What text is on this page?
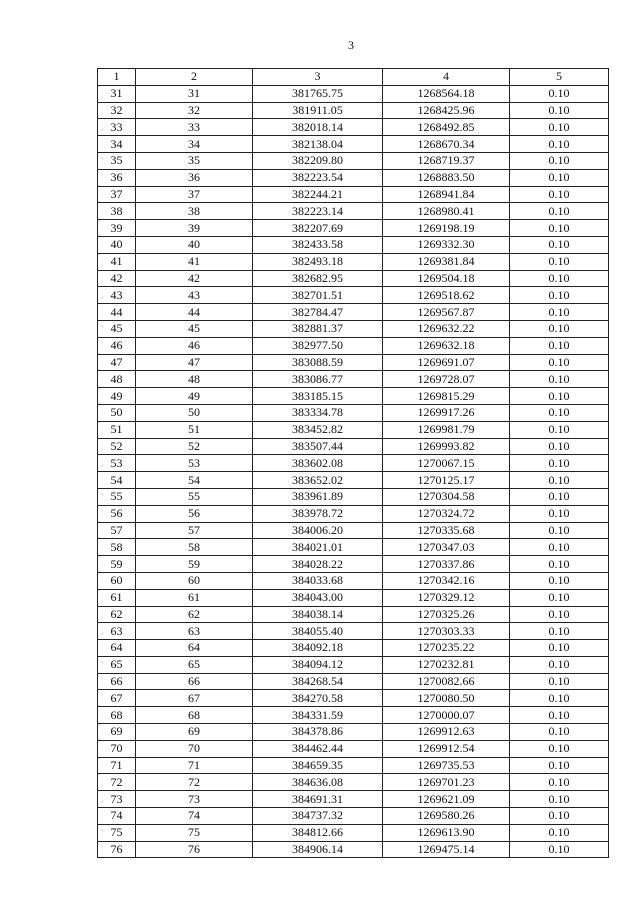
3
1	2	3	4	5
31	31	381765.75	1268564.18	0.10
32	32	381911.05	1268425.96	0.10
33	33	382018.14	1268492.85	0.10
34	34	382138.04	1268670.34	0.10
35	35	382209.80	1268719.37	0.10
36	36	382223.54	1268883.50	0.10
37	37	382244.21	1268941.84	0.10
38	38	382223.14	1268980.41	0.10
39	39	382207.69	1269198.19	0.10
40	40	382433.58	1269332.30	0.10
41	41	382493.18	1269381.84	0.10
42	42	382682.95	1269504.18	0.10
43	43	382701.51	1269518.62	0.10
44	44	382784.47	1269567.87	0.10
45	45	382881.37	1269632.22	0.10
46	46	382977.50	1269632.18	0.10
47	47	383088.59	1269691.07	0.10
48	48	383086.77	1269728.07	0.10
49	49	383185.15	1269815.29	0.10
50	50	383334.78	1269917.26	0.10
51	51	383452.82	1269981.79	0.10
52	52	383507.44	1269993.82	0.10
53	53	383602.08	1270067.15	0.10
54	54	383652.02	1270125.17	0.10
55	55	383961.89	1270304.58	0.10
56	56	383978.72	1270324.72	0.10
57	57	384006.20	1270335.68	0.10
58	58	384021.01	1270347.03	0.10
59	59	384028.22	1270337.86	0.10
60	60	384033.68	1270342.16	0.10
61	61	384043.00	1270329.12	0.10
62	62	384038.14	1270325.26	0.10
63	63	384055.40	1270303.33	0.10
64	64	384092.18	1270235.22	0.10
65	65	384094.12	1270232.81	0.10
66	66	384268.54	1270082.66	0.10
67	67	384270.58	1270080.50	0.10
68	68	384331.59	1270000.07	0.10
69	69	384378.86	1269912.63	0.10
70	70	384462.44	1269912.54	0.10
71	71	384659.35	1269735.53	0.10
72	72	384636.08	1269701.23	0.10
73	73	384691.31	1269621.09	0.10
74	74	384737.32	1269580.26	0.10
75	75	384812.66	1269613.90	0.10
76	76	384906.14	1269475.14	0.10
